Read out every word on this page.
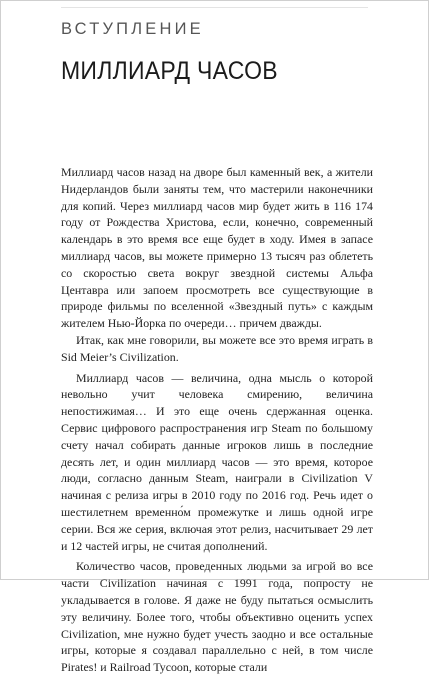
ВСТУПЛЕНИЕ
МИЛЛИАРД ЧАСОВ

Миллиард часов назад на дворе был каменный век, а жители Нидерландов были заняты тем, что мастерили наконечники для копий. Через миллиард часов мир будет жить в 116 174 году от Рождества Христова, если, конечно, современный календарь в это время все еще будет в ходу. Имея в запасе миллиард часов, вы можете примерно 13 тысяч раз облететь со скоростью света вокруг звездной системы Альфа Центавра или запоем просмотреть все существующие в природе фильмы по вселенной «Звездный путь» с каждым жителем Нью-Йорка по очереди… причем дважды.

Итак, как мне говорили, вы можете все это время играть в Sid Meier’s Civilization.

Миллиард часов — величина, одна мысль о которой невольно учит человека смирению, величина непостижимая… И это еще очень сдержанная оценка. Сервис цифрового распространения игр Steam по большому счету начал собирать данные игроков лишь в последние десять лет, и один миллиард часов — это время, которое люди, согласно данным Steam, наиграли в Civilization V начиная с релиза игры в 2010 году по 2016 год. Речь идет о шестилетнем временно́м промежутке и лишь одной игре серии. Вся же серия, включая этот релиз, насчитывает 29 лет и 12 частей игры, не считая дополнений.

Количество часов, проведенных людьми за игрой во все части Civilization начиная с 1991 года, попросту не укладывается в голове. Я даже не буду пытаться осмыслить эту величину. Более того, чтобы объективно оценить успех Civilization, мне нужно будет учесть заодно и все остальные игры, которые я создавал параллельно с ней, в том числе Pirates! и Railroad Tycoon, которые стали
